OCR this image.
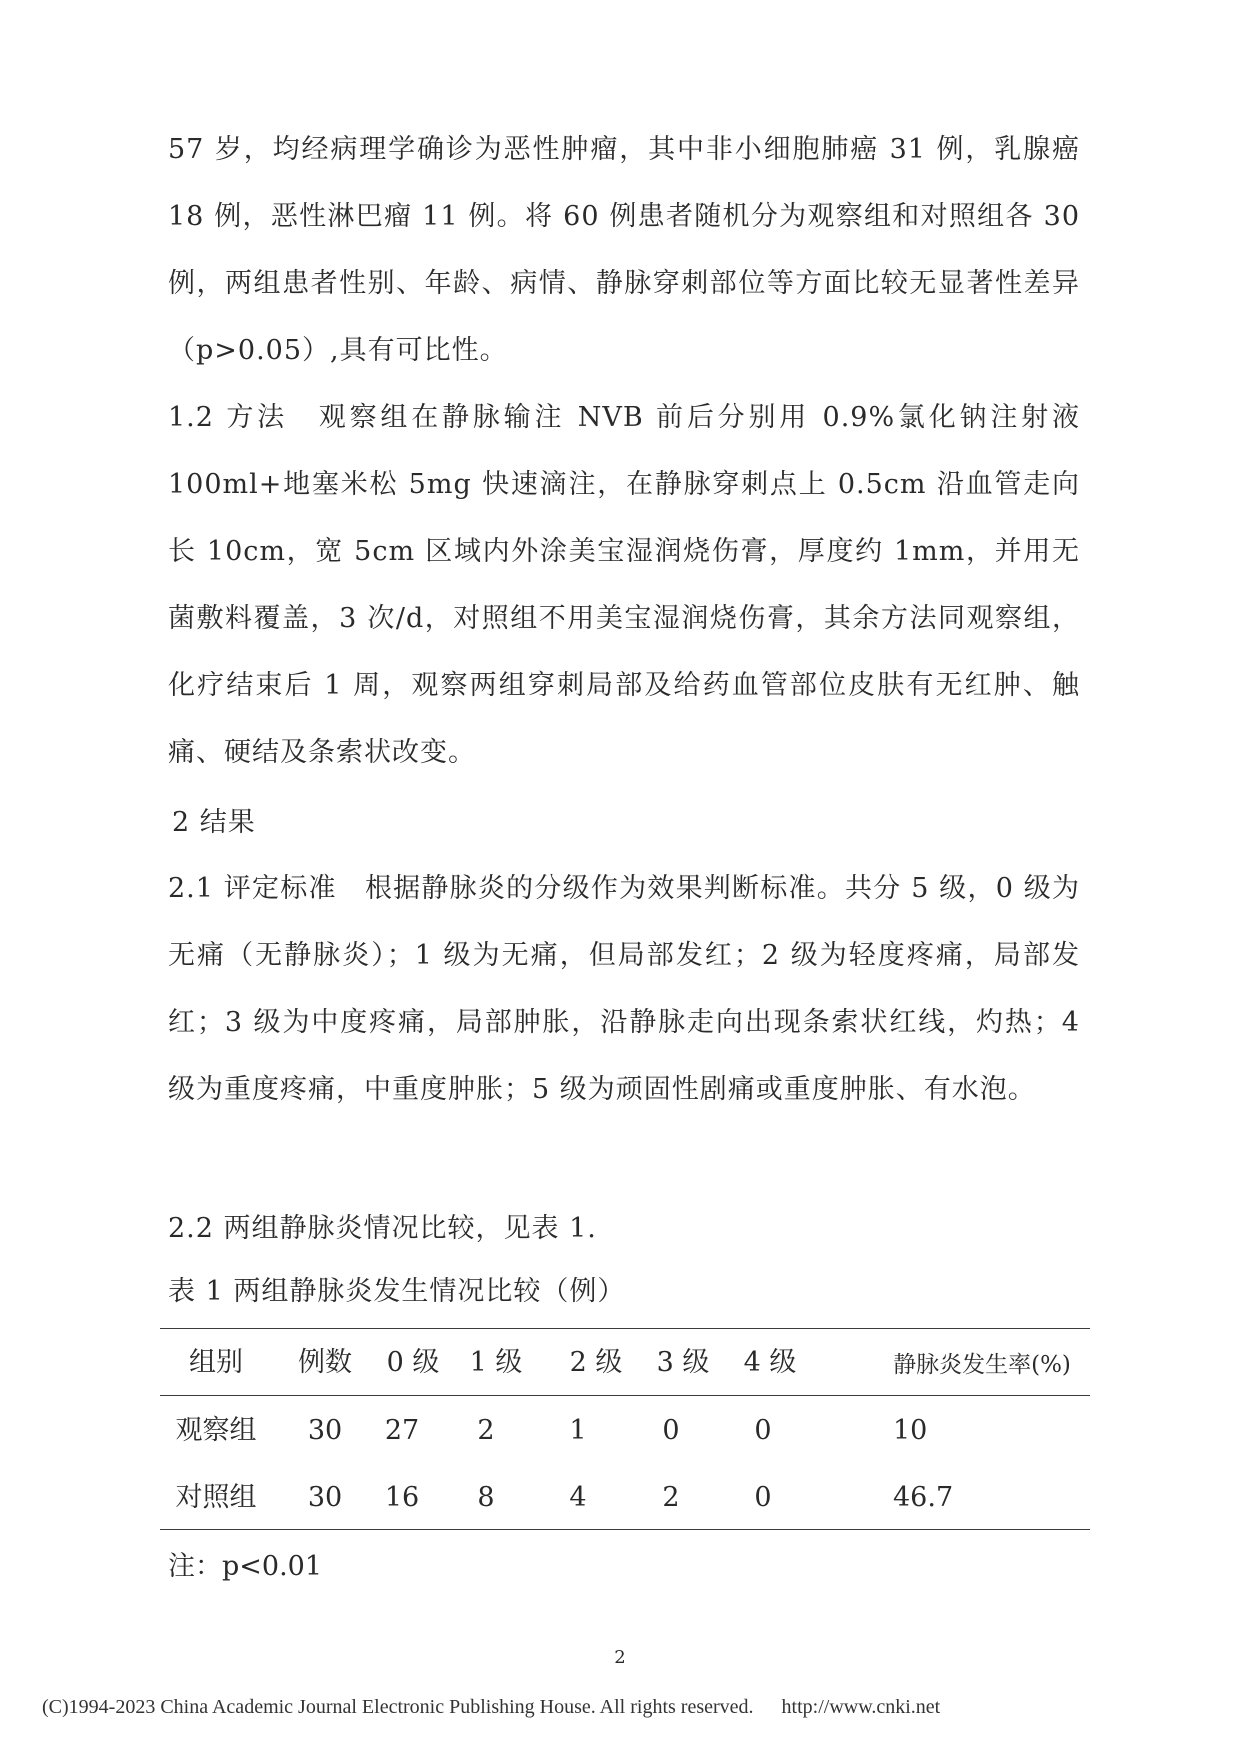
57 岁，均经病理学确诊为恶性肿瘤，其中非小细胞肺癌 31 例，乳腺癌 18 例，恶性淋巴瘤 11 例。将 60 例患者随机分为观察组和对照组各 30 例，两组患者性别、年龄、病情、静脉穿刺部位等方面比较无显著性差异（p>0.05）,具有可比性。

1.2 方法　观察组在静脉输注 NVB 前后分别用 0.9%氯化钠注射液 100ml+地塞米松 5mg 快速滴注，在静脉穿刺点上 0.5cm 沿血管走向长 10cm，宽 5cm 区域内外涂美宝湿润烧伤膏，厚度约 1mm，并用无菌敷料覆盖，3 次/d，对照组不用美宝湿润烧伤膏，其余方法同观察组，化疗结束后 1 周，观察两组穿刺局部及给药血管部位皮肤有无红肿、触痛、硬结及条索状改变。

2 结果

2.1 评定标准　根据静脉炎的分级作为效果判断标准。共分 5 级，0 级为无痛（无静脉炎）；1 级为无痛，但局部发红；2 级为轻度疼痛，局部发红；3 级为中度疼痛，局部肿胀，沿静脉走向出现条索状红线，灼热；4 级为重度疼痛，中重度肿胀；5 级为顽固性剧痛或重度肿胀、有水泡。

2.2 两组静脉炎情况比较，见表 1.

表 1 两组静脉炎发生情况比较（例）

组别 例数 0 级 1 级 2 级 3 级 4 级	静脉炎发生率(%)
观察组 30 27 2	1	0	0	10
对照组 30 16 8	4	2	0	46.7

注：p<0.01

2
(C)1994-2023 China Academic Journal Electronic Publishing House. All rights reserved. http://www.cnki.net
